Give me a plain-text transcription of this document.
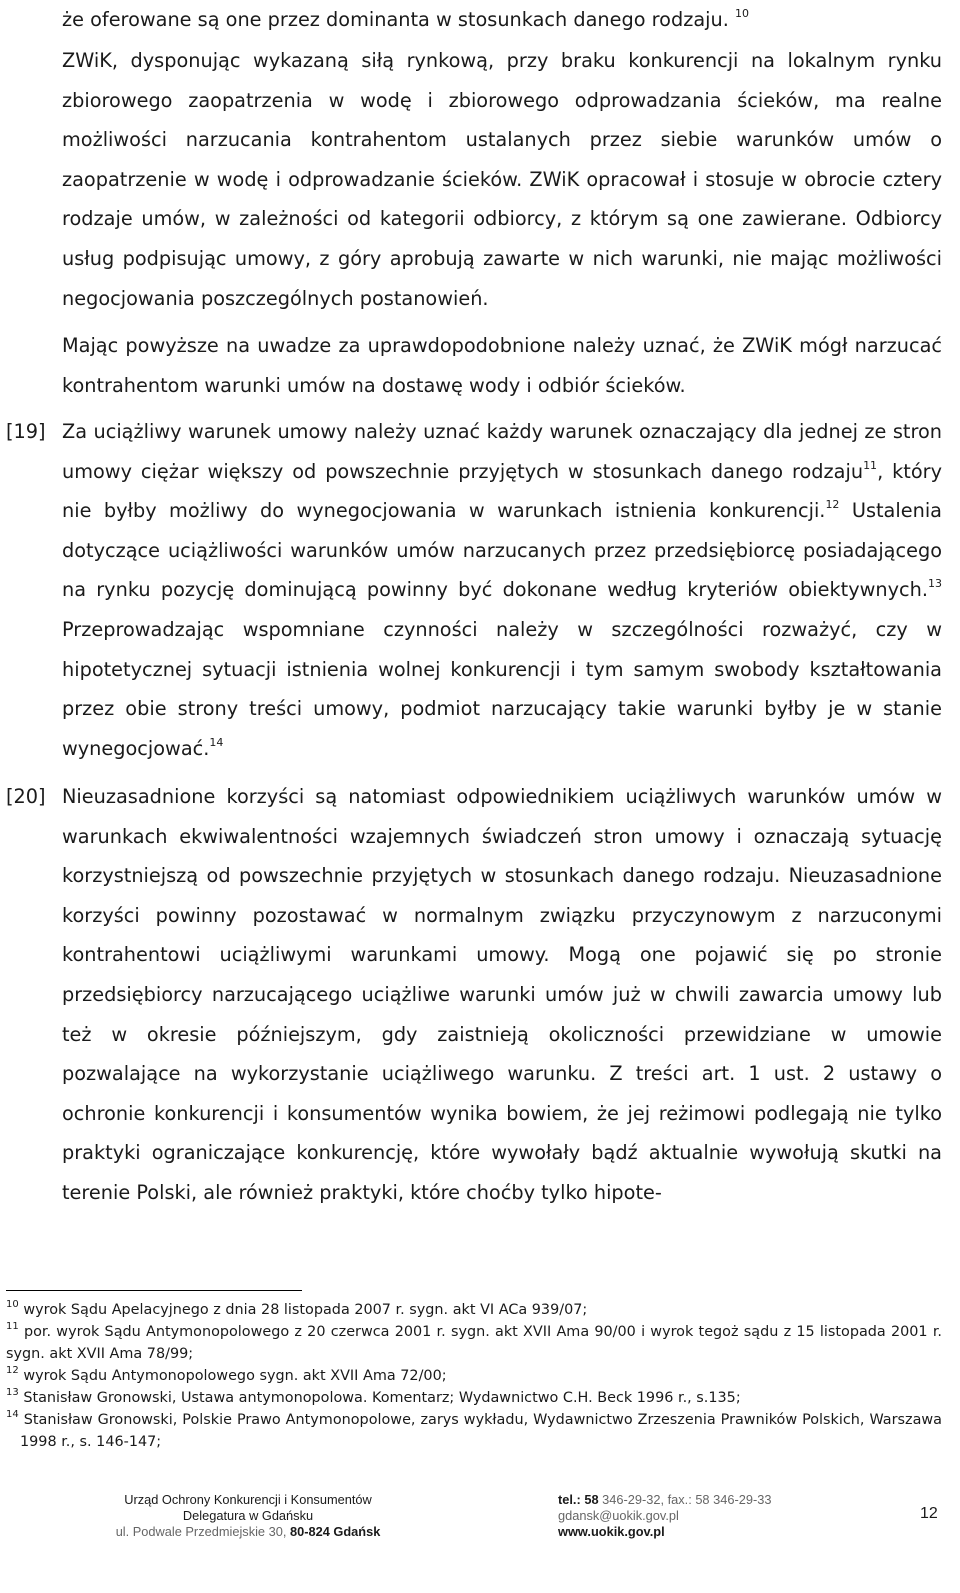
że oferowane są one przez dominanta w stosunkach danego rodzaju. $^{10}$
ZWiK, dysponując wykazaną siłą rynkową, przy braku konkurencji na lokalnym rynku zbiorowego zaopatrzenia w wodę i zbiorowego odprowadzania ścieków, ma realne możliwości narzucania kontrahentom ustalanych przez siebie warunków umów o zaopatrzenie w wodę i odprowadzanie ścieków. ZWiK opracował i stosuje w obrocie cztery rodzaje umów, w zależności od kategorii odbiorcy, z którym są one zawierane. Odbiorcy usług podpisując umowy, z góry aprobują zawarte w nich warunki, nie mając możliwości negocjowania poszczególnych postanowień.
Mając powyższe na uwadze za uprawdopodobnione należy uznać, że ZWiK mógł narzucać kontrahentom warunki umów na dostawę wody i odbiór ścieków.
[19] Za uciążliwy warunek umowy należy uznać każdy warunek oznaczający dla jednej ze stron umowy ciężar większy od powszechnie przyjętych w stosunkach danego rodzaju$^{11}$, który nie byłby możliwy do wynegocjowania w warunkach istnienia konkurencji.$^{12}$ Ustalenia dotyczące uciążliwości warunków umów narzucanych przez przedsiębiorcę posiadającego na rynku pozycję dominującą powinny być dokonane według kryteriów obiektywnych.$^{13}$ Przeprowadzając wspomniane czynności należy w szczególności rozważyć, czy w hipotetycznej sytuacji istnienia wolnej konkurencji i tym samym swobody kształtowania przez obie strony treści umowy, podmiot narzucający takie warunki byłby je w stanie wynegocjować.$^{14}$
[20] Nieuzasadnione korzyści są natomiast odpowiednikiem uciążliwych warunków umów w warunkach ekwiwalentności wzajemnych świadczeń stron umowy i oznaczają sytuację korzystniejszą od powszechnie przyjętych w stosunkach danego rodzaju. Nieuzasadnione korzyści powinny pozostawać w normalnym związku przyczynowym z narzuconymi kontrahentowi uciążliwymi warunkami umowy. Mogą one pojawić się po stronie przedsiębiorcy narzucającego uciążliwe warunki umów już w chwili zawarcia umowy lub też w okresie późniejszym, gdy zaistnieją okoliczności przewidziane w umowie pozwalające na wykorzystanie uciążliwego warunku. Z treści art. 1 ust. 2 ustawy o ochronie konkurencji i konsumentów wynika bowiem, że jej reżimowi podlegają nie tylko praktyki ograniczające konkurencję, które wywołały bądź aktualnie wywołują skutki na terenie Polski, ale również praktyki, które choćby tylko hipote-
$^{10}$ wyrok Sądu Apelacyjnego z dnia 28 listopada 2007 r. sygn. akt VI ACa 939/07;
$^{11}$ por. wyrok Sądu Antymonopolowego z 20 czerwca 2001 r. sygn. akt XVII Ama 90/00 i wyrok tegoż sądu z 15 listopada 2001 r. sygn. akt XVII Ama 78/99;
$^{12}$ wyrok Sądu Antymonopolowego sygn. akt XVII Ama 72/00;
$^{13}$ Stanisław Gronowski, Ustawa antymonopolowa. Komentarz; Wydawnictwo C.H. Beck 1996 r., s.135;
$^{14}$ Stanisław Gronowski, Polskie Prawo Antymonopolowe, zarys wykładu, Wydawnictwo Zrzeszenia Prawników Polskich, Warszawa 1998 r., s. 146-147;
Urząd Ochrony Konkurencji i Konsumentów
Delegatura w Gdańsku
ul. Podwale Przedmiejskie 30, 80-824 Gdańsk
tel.: 58 346-29-32, fax.: 58 346-29-33
gdansk@uokik.gov.pl
www.uokik.gov.pl
12
